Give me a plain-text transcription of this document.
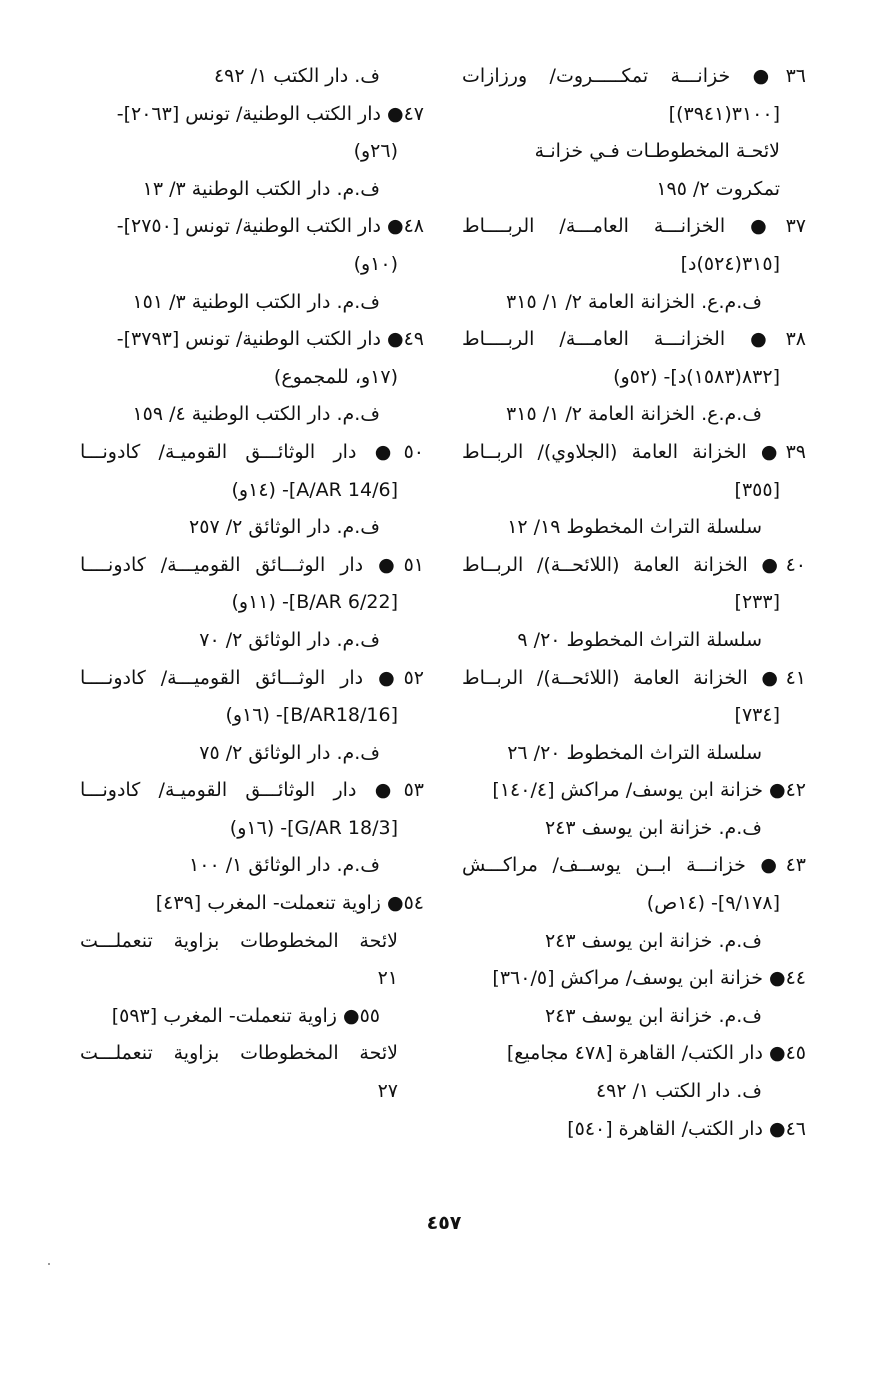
٣٦● خزانـــة تمكـــــروت/ ورزازات
[٣١٠٠(٣٩٤١)]
لائحـة المخطوطـات فـي خزانـة
تمكروت ٢/ ١٩٥
٣٧● الخزانـــة العامـــة/ الربــــاط
[٣١٥(٥٢٤)د]
ف.م.ع. الخزانة العامة ٢/ ١/ ٣١٥
٣٨● الخزانـــة العامـــة/ الربــــاط
[٨٣٢(١٥٨٣)د]- (٥٢و)
ف.م.ع. الخزانة العامة ٢/ ١/ ٣١٥
٣٩● الخزانة العامة (الجلاوي)/ الربــاط
[٣٥٥]
سلسلة التراث المخطوط ١٩/ ١٢
٤٠● الخزانة العامة (اللائحــة)/ الربــاط
[٢٣٣]
سلسلة التراث المخطوط ٢٠/ ٩
٤١● الخزانة العامة (اللائحــة)/ الربــاط
[٧٣٤]
سلسلة التراث المخطوط ٢٠/ ٢٦
٤٢● خزانة ابن يوسف/ مراكش [١٤٠/٤]
ف.م. خزانة ابن يوسف ٢٤٣
٤٣● خزانـــة ابــن يوســف/ مراكـــش
[٩/١٧٨]- (١٤ص)
ف.م. خزانة ابن يوسف ٢٤٣
٤٤● خزانة ابن يوسف/ مراكش [٣٦٠/٥]
ف.م. خزانة ابن يوسف ٢٤٣
٤٥● دار الكتب/ القاهرة [٤٧٨ مجاميع]
ف. دار الكتب ١/ ٤٩٢
٤٦● دار الكتب/ القاهرة [٥٤٠]
ف. دار الكتب ١/ ٤٩٢
٤٧● دار الكتب الوطنية/ تونس [٢٠٦٣]-
(٢٦و)
ف.م. دار الكتب الوطنية ٣/ ١٣
٤٨● دار الكتب الوطنية/ تونس [٢٧٥٠]-
(١٠و)
ف.م. دار الكتب الوطنية ٣/ ١٥١
٤٩● دار الكتب الوطنية/ تونس [٣٧٩٣]-
(١٧و، للمجموع)
ف.م. دار الكتب الوطنية ٤/ ١٥٩
٥٠● دار الوثائـــق القوميـة/ كادونـــا
[A/AR 14/6]- (١٤و)
ف.م. دار الوثائق ٢/ ٢٥٧
٥١● دار الوثـــائق القوميـــة/ كادونــــا
[B/AR 6/22]- (١١و)
ف.م. دار الوثائق ٢/ ٧٠
٥٢● دار الوثـــائق القوميـــة/ كادونــــا
[B/AR18/16]- (١٦و)
ف.م. دار الوثائق ٢/ ٧٥
٥٣● دار الوثائـــق القوميـة/ كادونـــا
[G/AR 18/3]- (١٦و)
ف.م. دار الوثائق ١/ ١٠٠
٥٤● زاوية تنعملت- المغرب [٤٣٩]
لائحة المخطوطات بزاوية تنعملـــت
٢١
٥٥● زاوية تنعملت- المغرب [٥٩٣]
لائحة المخطوطات بزاوية تنعملـــت
٢٧
٤٥٧
